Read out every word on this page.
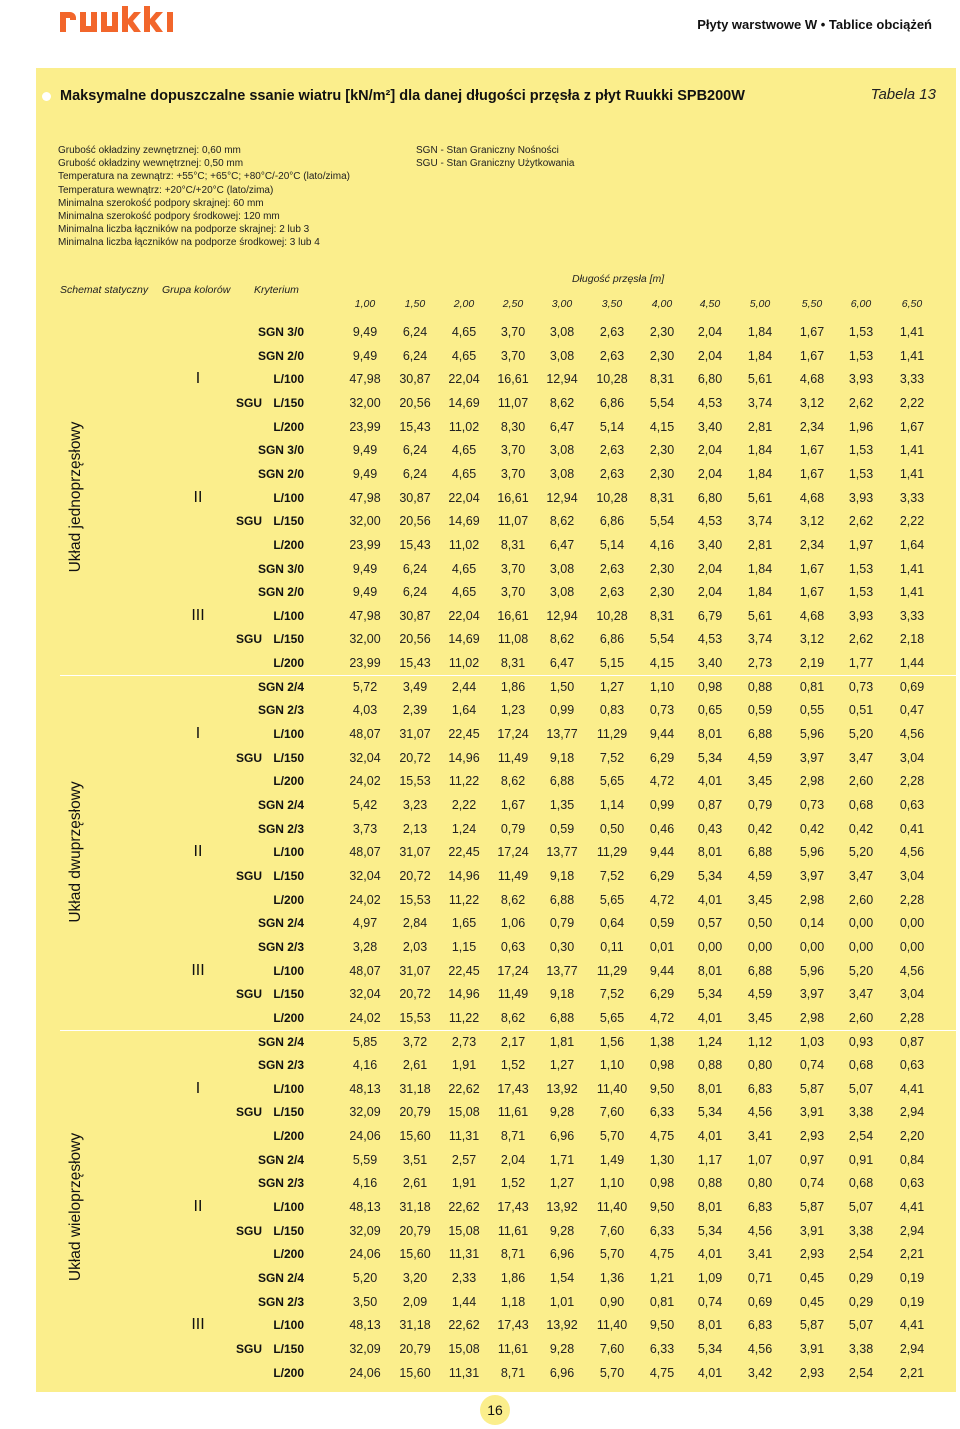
Płyty warstwowe W • Tablice obciążeń
Maksymalne dopuszczalne ssanie wiatru [kN/m²] dla danej długości przęsła z płyt Ruukki SPB200W	Tabela 13
Grubość okładziny zewnętrznej: 0,60 mm
Grubość okładziny wewnętrznej: 0,50 mm
Temperatura na zewnątrz: +55°C; +65°C; +80°C/-20°C (lato/zima)
Temperatura wewnątrz: +20°C/+20°C (lato/zima)
Minimalna szerokość podpory skrajnej: 60 mm
Minimalna szerokość podpory środkowej: 120 mm
Minimalna liczba łączników na podporze skrajnej: 2 lub 3
Minimalna liczba łączników na podporze środkowej: 3 lub 4
SGN - Stan Graniczny Nośności
SGU - Stan Graniczny Użytkowania
Schemat statyczny Grupa kolorów Kryterium
Długość przęsła [m]
1,00	1,50	2,00	2,50	3,00	3,50	4,00	4,50	5,00	5,50	6,00	6,50
SGN 3/0	9,49	6,24	4,65	3,70	3,08	2,63	2,30	2,04	1,84	1,67	1,53	1,41
SGN 2/0	9,49	6,24	4,65	3,70	3,08	2,63	2,30	2,04	1,84	1,67	1,53	1,41
L/100	47,98	30,87	22,04	16,61	12,94	10,28	8,31	6,80	5,61	4,68	3,93	3,33
SGU L/150	32,00	20,56	14,69	11,07	8,62	6,86	5,54	4,53	3,74	3,12	2,62	2,22
L/200	23,99	15,43	11,02	8,30	6,47	5,14	4,15	3,40	2,81	2,34	1,96	1,67
I
SGN 3/0	9,49	6,24	4,65	3,70	3,08	2,63	2,30	2,04	1,84	1,67	1,53	1,41
SGN 2/0	9,49	6,24	4,65	3,70	3,08	2,63	2,30	2,04	1,84	1,67	1,53	1,41
L/100	47,98	30,87	22,04	16,61	12,94	10,28	8,31	6,80	5,61	4,68	3,93	3,33
SGU L/150	32,00	20,56	14,69	11,07	8,62	6,86	5,54	4,53	3,74	3,12	2,62	2,22
L/200	23,99	15,43	11,02	8,31	6,47	5,14	4,16	3,40	2,81	2,34	1,97	1,64
II
SGN 3/0	9,49	6,24	4,65	3,70	3,08	2,63	2,30	2,04	1,84	1,67	1,53	1,41
SGN 2/0	9,49	6,24	4,65	3,70	3,08	2,63	2,30	2,04	1,84	1,67	1,53	1,41
L/100	47,98	30,87	22,04	16,61	12,94	10,28	8,31	6,79	5,61	4,68	3,93	3,33
SGU L/150	32,00	20,56	14,69	11,08	8,62	6,86	5,54	4,53	3,74	3,12	2,62	2,18
L/200	23,99	15,43	11,02	8,31	6,47	5,15	4,15	3,40	2,73	2,19	1,77	1,44
III
Układ jednoprzęsłowy
SGN 2/4	5,72	3,49	2,44	1,86	1,50	1,27	1,10	0,98	0,88	0,81	0,73	0,69
SGN 2/3	4,03	2,39	1,64	1,23	0,99	0,83	0,73	0,65	0,59	0,55	0,51	0,47
L/100	48,07	31,07	22,45	17,24	13,77	11,29	9,44	8,01	6,88	5,96	5,20	4,56
SGU L/150	32,04	20,72	14,96	11,49	9,18	7,52	6,29	5,34	4,59	3,97	3,47	3,04
L/200	24,02	15,53	11,22	8,62	6,88	5,65	4,72	4,01	3,45	2,98	2,60	2,28
I
SGN 2/4	5,42	3,23	2,22	1,67	1,35	1,14	0,99	0,87	0,79	0,73	0,68	0,63
SGN 2/3	3,73	2,13	1,24	0,79	0,59	0,50	0,46	0,43	0,42	0,42	0,42	0,41
L/100	48,07	31,07	22,45	17,24	13,77	11,29	9,44	8,01	6,88	5,96	5,20	4,56
SGU L/150	32,04	20,72	14,96	11,49	9,18	7,52	6,29	5,34	4,59	3,97	3,47	3,04
L/200	24,02	15,53	11,22	8,62	6,88	5,65	4,72	4,01	3,45	2,98	2,60	2,28
II
SGN 2/4	4,97	2,84	1,65	1,06	0,79	0,64	0,59	0,57	0,50	0,14	0,00	0,00
SGN 2/3	3,28	2,03	1,15	0,63	0,30	0,11	0,01	0,00	0,00	0,00	0,00	0,00
L/100	48,07	31,07	22,45	17,24	13,77	11,29	9,44	8,01	6,88	5,96	5,20	4,56
SGU L/150	32,04	20,72	14,96	11,49	9,18	7,52	6,29	5,34	4,59	3,97	3,47	3,04
L/200	24,02	15,53	11,22	8,62	6,88	5,65	4,72	4,01	3,45	2,98	2,60	2,28
III
Układ dwuprzęsłowy
SGN 2/4	5,85	3,72	2,73	2,17	1,81	1,56	1,38	1,24	1,12	1,03	0,93	0,87
SGN 2/3	4,16	2,61	1,91	1,52	1,27	1,10	0,98	0,88	0,80	0,74	0,68	0,63
L/100	48,13	31,18	22,62	17,43	13,92	11,40	9,50	8,01	6,83	5,87	5,07	4,41
SGU L/150	32,09	20,79	15,08	11,61	9,28	7,60	6,33	5,34	4,56	3,91	3,38	2,94
L/200	24,06	15,60	11,31	8,71	6,96	5,70	4,75	4,01	3,41	2,93	2,54	2,20
I
SGN 2/4	5,59	3,51	2,57	2,04	1,71	1,49	1,30	1,17	1,07	0,97	0,91	0,84
SGN 2/3	4,16	2,61	1,91	1,52	1,27	1,10	0,98	0,88	0,80	0,74	0,68	0,63
L/100	48,13	31,18	22,62	17,43	13,92	11,40	9,50	8,01	6,83	5,87	5,07	4,41
SGU L/150	32,09	20,79	15,08	11,61	9,28	7,60	6,33	5,34	4,56	3,91	3,38	2,94
L/200	24,06	15,60	11,31	8,71	6,96	5,70	4,75	4,01	3,41	2,93	2,54	2,21
II
SGN 2/4	5,20	3,20	2,33	1,86	1,54	1,36	1,21	1,09	0,71	0,45	0,29	0,19
SGN 2/3	3,50	2,09	1,44	1,18	1,01	0,90	0,81	0,74	0,69	0,45	0,29	0,19
L/100	48,13	31,18	22,62	17,43	13,92	11,40	9,50	8,01	6,83	5,87	5,07	4,41
SGU L/150	32,09	20,79	15,08	11,61	9,28	7,60	6,33	5,34	4,56	3,91	3,38	2,94
L/200	24,06	15,60	11,31	8,71	6,96	5,70	4,75	4,01	3,42	2,93	2,54	2,21
III
Układ wieloprzęsłowy
16
